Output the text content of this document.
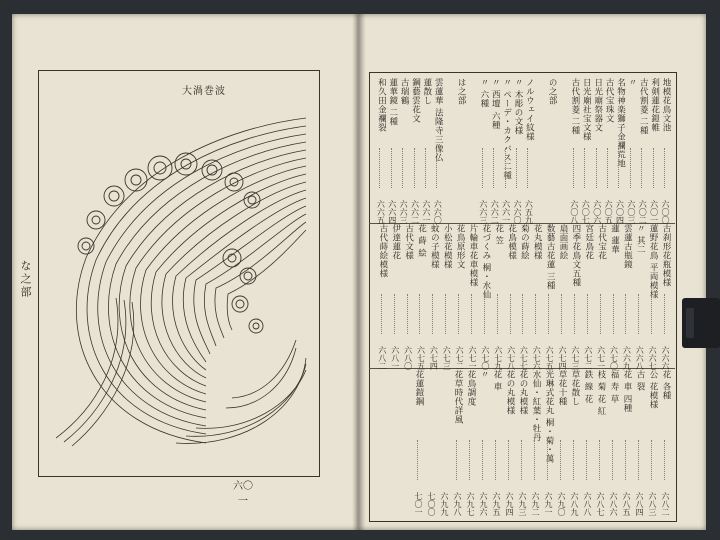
大渦巻波
な之部
六〇一
地模花鳥文池
六〇〇
利剣蓮花鎧帷
六〇一
古代割菱 二種
六〇二
〃
六〇三
名物神楽獅子金襴荒地
六〇四
古代宝珠文
六〇五
日光廟祭器文
六〇六
日光廟社宝文様
六〇七
古代割菱 二種
六〇八
の之部
ノルウェイ紋様
六五九
〃 木彫の文様
六六〇
〃 ペーデ・カクバス二種
六六一
〃 西壇 六種
六六二
〃 六種
六六三
は之部
雲蓮華 法隆寺三像仏
六六〇
蓮散し
六六一
鋼藝雲花文
六六二
古瑞鶴
六六三
蓮華鏡 二種
六六四
和久田金襴裂
六六五
古刹形花瓶模様
六六六
蓮野花鳥 平両模様
六六七
〃 其二
六六八
雲蓮古瓶鏡
六六九
蓮 蓮華
六七〇
古代宝花
六七一
宮廷鳥花
六七二
四季花鳥文五種
六七三
扇面画絵
六七四
数藝古花蓮 三種
六七五
花丸模様
六七六
菊の蒔絵
六七七
花鳥模様
六七八
花 笠
六七九
花づくみ 桐・水仙
六七〇
片輪車花車模様
六七一
花鳥原形文
六七二
小松花模様
六七三
蚊の子模様
六七四
花 蒔 絵
六七五
古代文様
六八〇
伊達蓮花
六八一
古代蒔絵模様
六八二
花 各種
六八二
公 花模様
六八三
古 裂
六八四
花 車 四種
六八五
福 寿 草
六八六
枝 菊 花 紅
六八七
鉄 線 花
六八八
草花散し
六八九
草花十種
六九〇
光琳式花丸 桐・菊・萬
六九一
水仙・紅葉・牡丹
六九二
花の丸模様
六九三
花の丸模様
六九四
花 車
六九五
〃
六九六
花鳥調度
六九七
花草時代詳風
六九八
六九九
七〇〇
花蓮鎧鋼
七〇一
